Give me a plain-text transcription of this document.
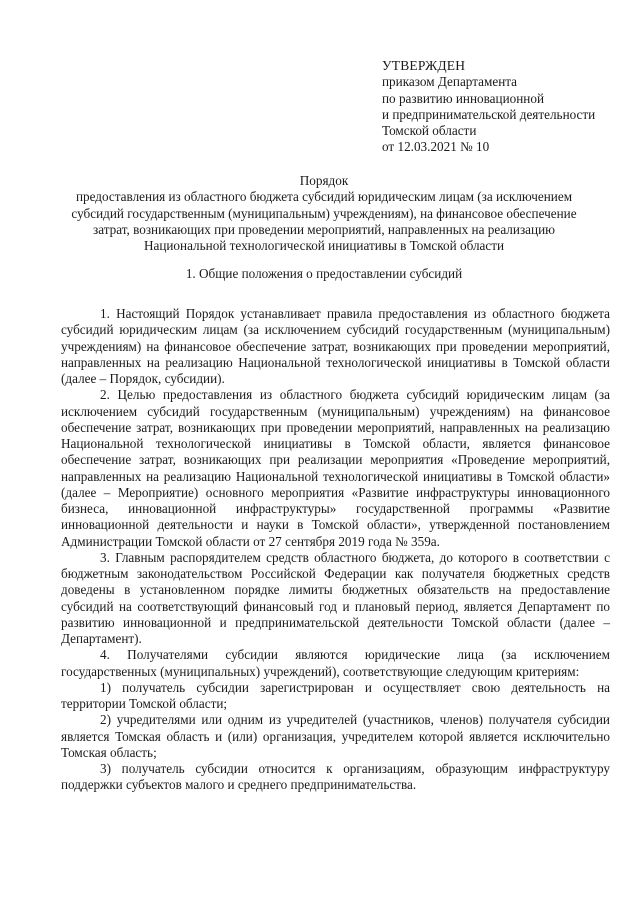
УТВЕРЖДЕН
приказом Департамента
по развитию инновационной
и предпринимательской деятельности
Томской области
от 12.03.2021 № 10
Порядок
предоставления из областного бюджета субсидий юридическим лицам (за исключением субсидий государственным (муниципальным) учреждениям), на финансовое обеспечение затрат, возникающих при проведении мероприятий, направленных на реализацию Национальной технологической инициативы в Томской области
1. Общие положения о предоставлении субсидий

1. Настоящий Порядок устанавливает правила предоставления из областного бюджета субсидий юридическим лицам (за исключением субсидий государственным (муниципальным) учреждениям) на финансовое обеспечение затрат, возникающих при проведении мероприятий, направленных на реализацию Национальной технологической инициативы в Томской области (далее – Порядок, субсидии).

2. Целью предоставления из областного бюджета субсидий юридическим лицам (за исключением субсидий государственным (муниципальным) учреждениям) на финансовое обеспечение затрат, возникающих при проведении мероприятий, направленных на реализацию Национальной технологической инициативы в Томской области, является финансовое обеспечение затрат, возникающих при реализации мероприятия «Проведение мероприятий, направленных на реализацию Национальной технологической инициативы в Томской области» (далее – Мероприятие) основного мероприятия «Развитие инфраструктуры инновационного бизнеса, инновационной инфраструктуры» государственной программы «Развитие инновационной деятельности и науки в Томской области», утвержденной постановлением Администрации Томской области от 27 сентября 2019 года № 359а.

3. Главным распорядителем средств областного бюджета, до которого в соответствии с бюджетным законодательством Российской Федерации как получателя бюджетных средств доведены в установленном порядке лимиты бюджетных обязательств на предоставление субсидий на соответствующий финансовый год и плановый период, является Департамент по развитию инновационной и предпринимательской деятельности Томской области (далее – Департамент).

4. Получателями субсидии являются юридические лица (за исключением государственных (муниципальных) учреждений), соответствующие следующим критериям:

1) получатель субсидии зарегистрирован и осуществляет свою деятельность на территории Томской области;

2) учредителями или одним из учредителей (участников, членов) получателя субсидии является Томская область и (или) организация, учредителем которой является исключительно Томская область;

3) получатель субсидии относится к организациям, образующим инфраструктуру поддержки субъектов малого и среднего предпринимательства.
